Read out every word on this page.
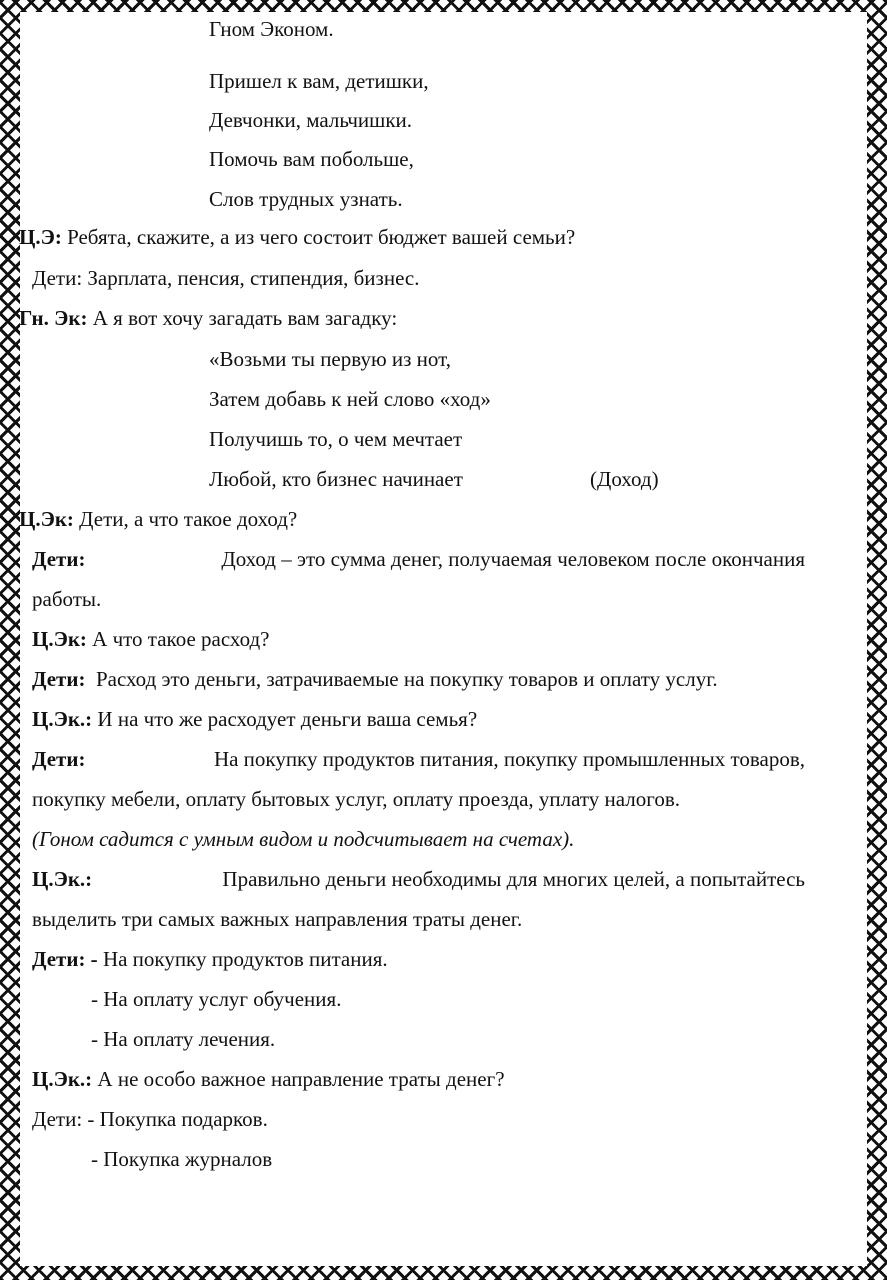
Гном Эконом.
Пришел к вам, детишки,
Девчонки, мальчишки.
Помочь вам побольше,
Слов трудных узнать.
Ц.Э: Ребята, скажите, а из чего состоит бюджет вашей семьи?
Дети: Зарплата, пенсия, стипендия, бизнес.
Гн. Эк: А я вот хочу загадать вам загадку:
«Возьми ты первую из нот,
Затем добавь к ней слово «ход»
Получишь то, о чем мечтает
Любой, кто бизнес начинает	(Доход)
Ц.Эк: Дети, а что такое доход?
Дети:	Доход – это сумма денег, получаемая человеком после окончания
работы.
Ц.Эк: А что такое расход?
Дети: Расход это деньги, затрачиваемые на покупку товаров и оплату услуг.
Ц.Эк.: И на что же расходует деньги ваша семья?
Дети:	На покупку продуктов питания, покупку промышленных товаров,
покупку мебели, оплату бытовых услуг, оплату проезда, уплату налогов.
(Гоном садится с умным видом и подсчитывает на счетах).
Ц.Эк.:	Правильно деньги необходимы для многих целей, а попытайтесь
выделить три самых важных направления траты денег.
Дети: - На покупку продуктов питания.
- На оплату услуг обучения.
- На оплату лечения.
Ц.Эк.: А не особо важное направление траты денег?
Дети: - Покупка подарков.
- Покупка журналов
